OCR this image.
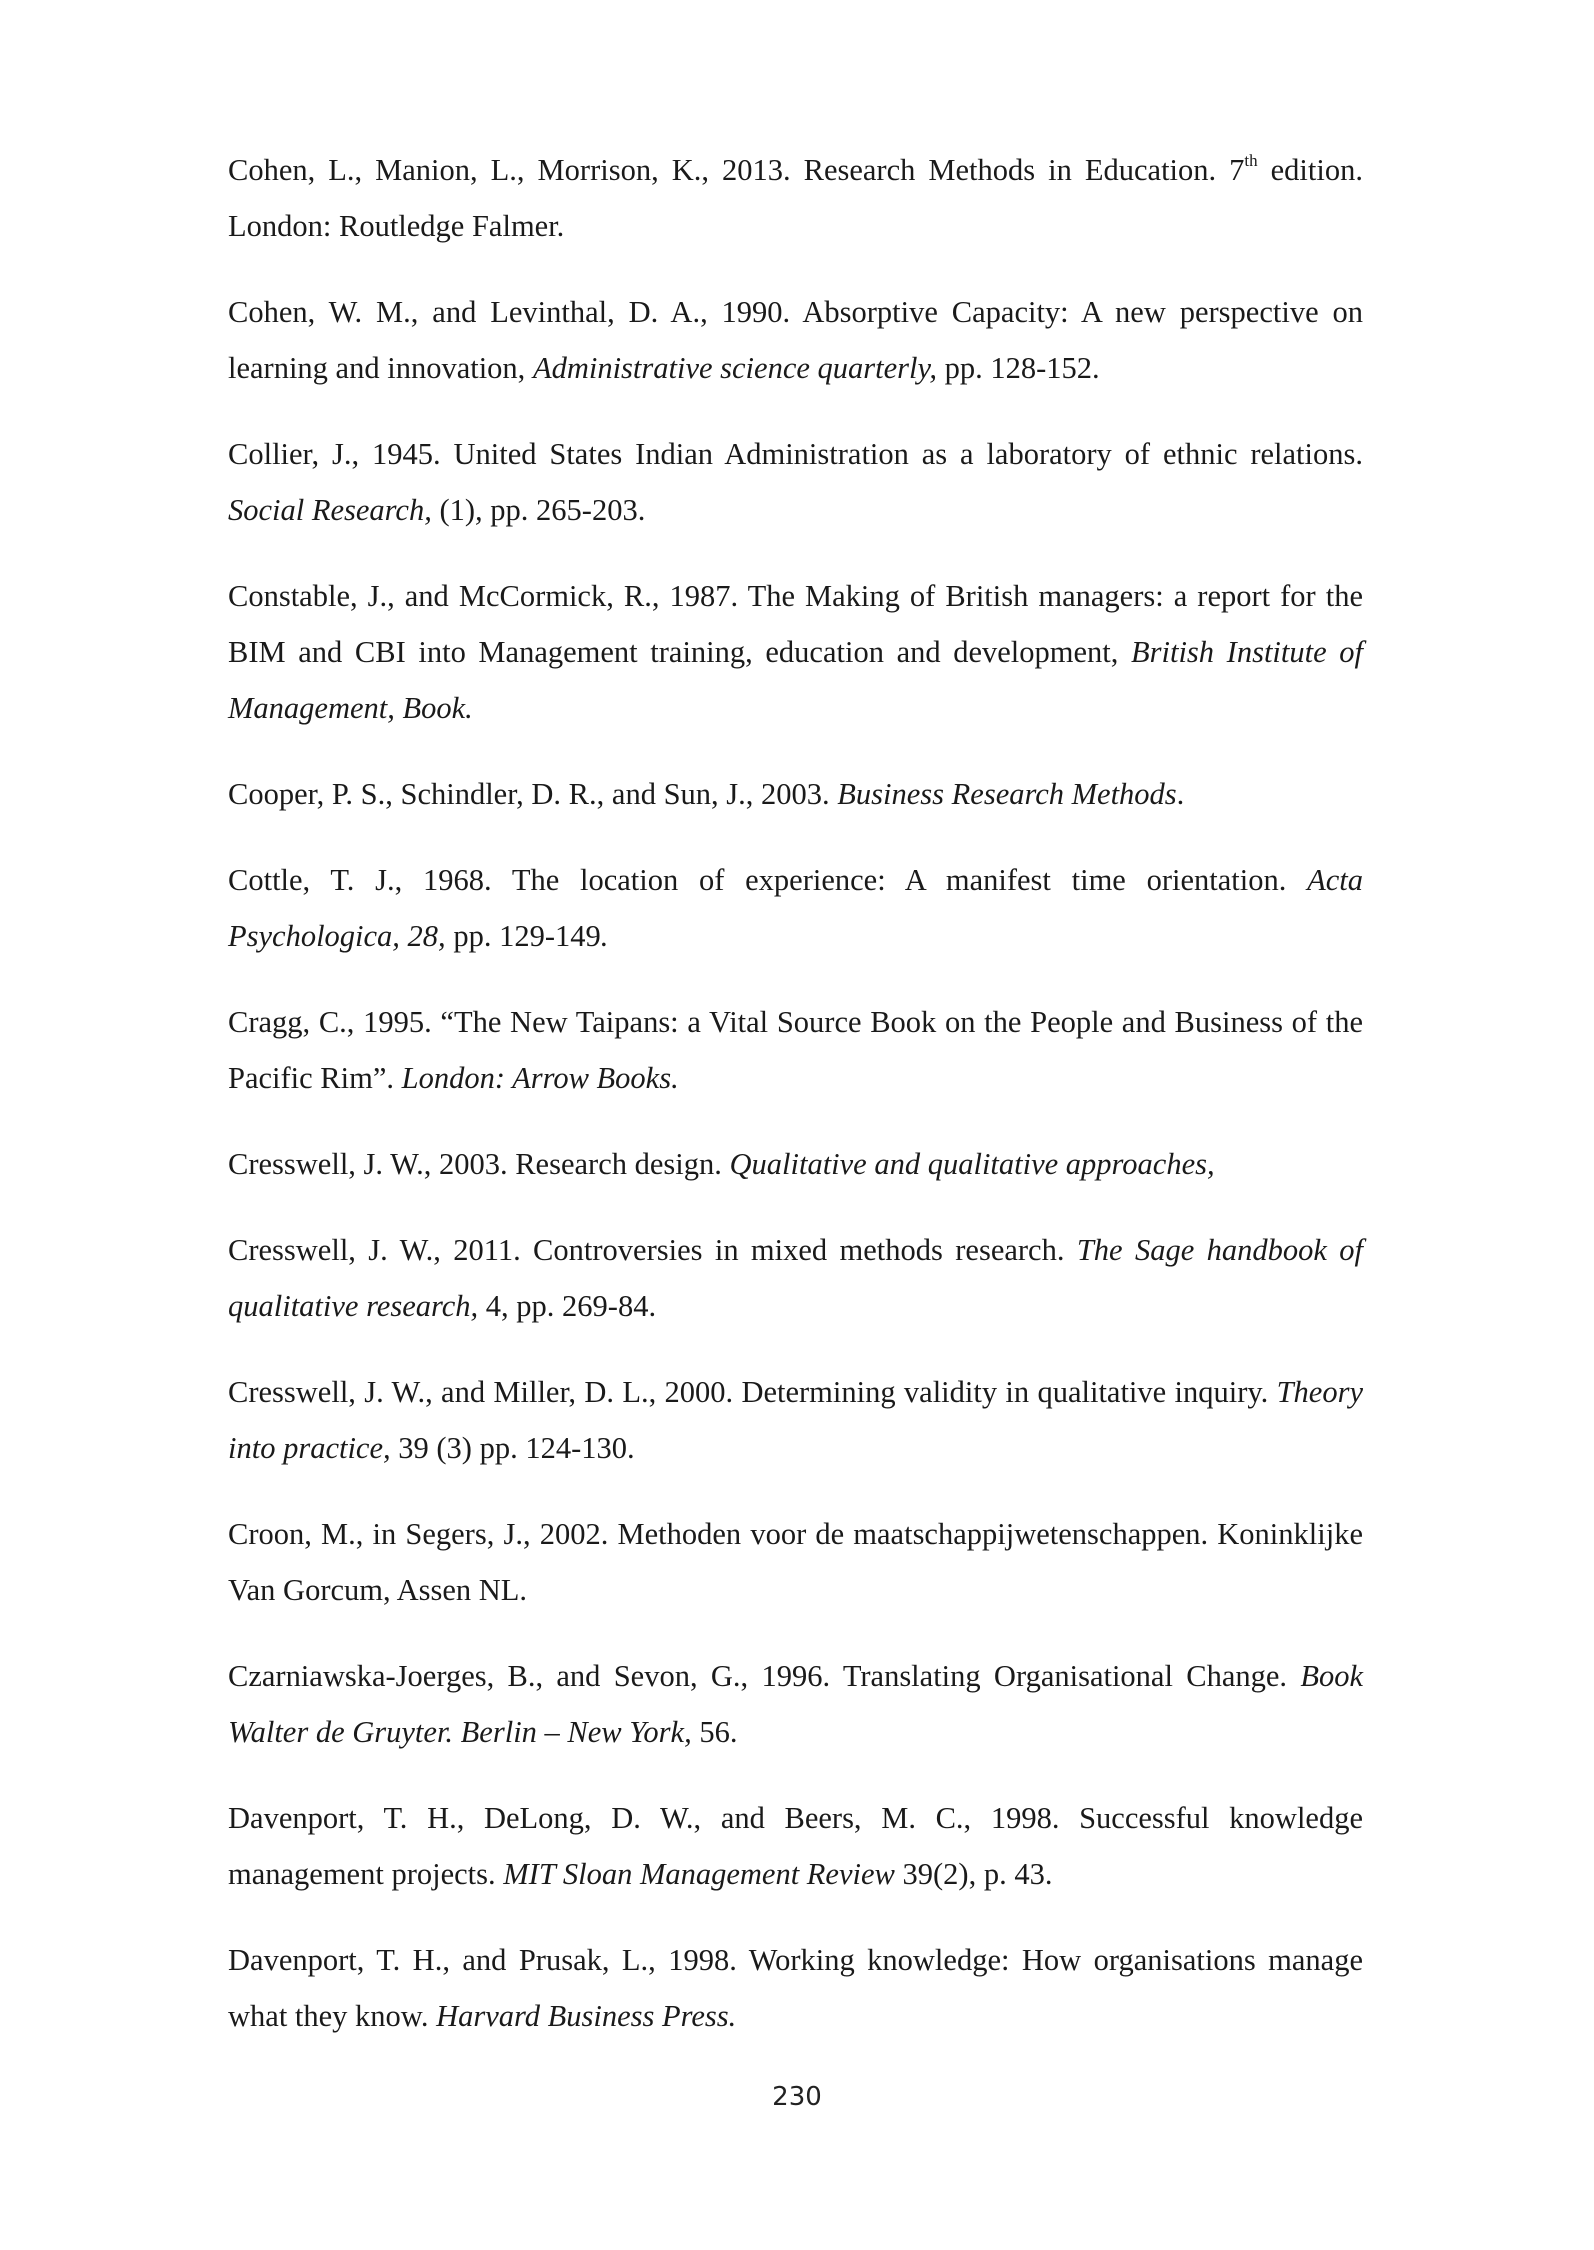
Cohen, L., Manion, L., Morrison, K., 2013. Research Methods in Education. 7th edition. London: Routledge Falmer.
Cohen, W. M., and Levinthal, D. A., 1990. Absorptive Capacity: A new perspective on learning and innovation, Administrative science quarterly, pp. 128-152.
Collier, J., 1945. United States Indian Administration as a laboratory of ethnic relations. Social Research, (1), pp. 265-203.
Constable, J., and McCormick, R., 1987. The Making of British managers: a report for the BIM and CBI into Management training, education and development, British Institute of Management, Book.
Cooper, P. S., Schindler, D. R., and Sun, J., 2003. Business Research Methods.
Cottle, T. J., 1968. The location of experience: A manifest time orientation. Acta Psychologica, 28, pp. 129-149.
Cragg, C., 1995. “The New Taipans: a Vital Source Book on the People and Business of the Pacific Rim”. London: Arrow Books.
Cresswell, J. W., 2003. Research design. Qualitative and qualitative approaches,
Cresswell, J. W., 2011. Controversies in mixed methods research. The Sage handbook of qualitative research, 4, pp. 269-84.
Cresswell, J. W., and Miller, D. L., 2000. Determining validity in qualitative inquiry. Theory into practice, 39 (3) pp. 124-130.
Croon, M., in Segers, J., 2002. Methoden voor de maatschappijwetenschappen. Koninklijke Van Gorcum, Assen NL.
Czarniawska-Joerges, B., and Sevon, G., 1996. Translating Organisational Change. Book Walter de Gruyter. Berlin – New York, 56.
Davenport, T. H., DeLong, D. W., and Beers, M. C., 1998. Successful knowledge management projects. MIT Sloan Management Review 39(2), p. 43.
Davenport, T. H., and Prusak, L., 1998. Working knowledge: How organisations manage what they know. Harvard Business Press.
230
